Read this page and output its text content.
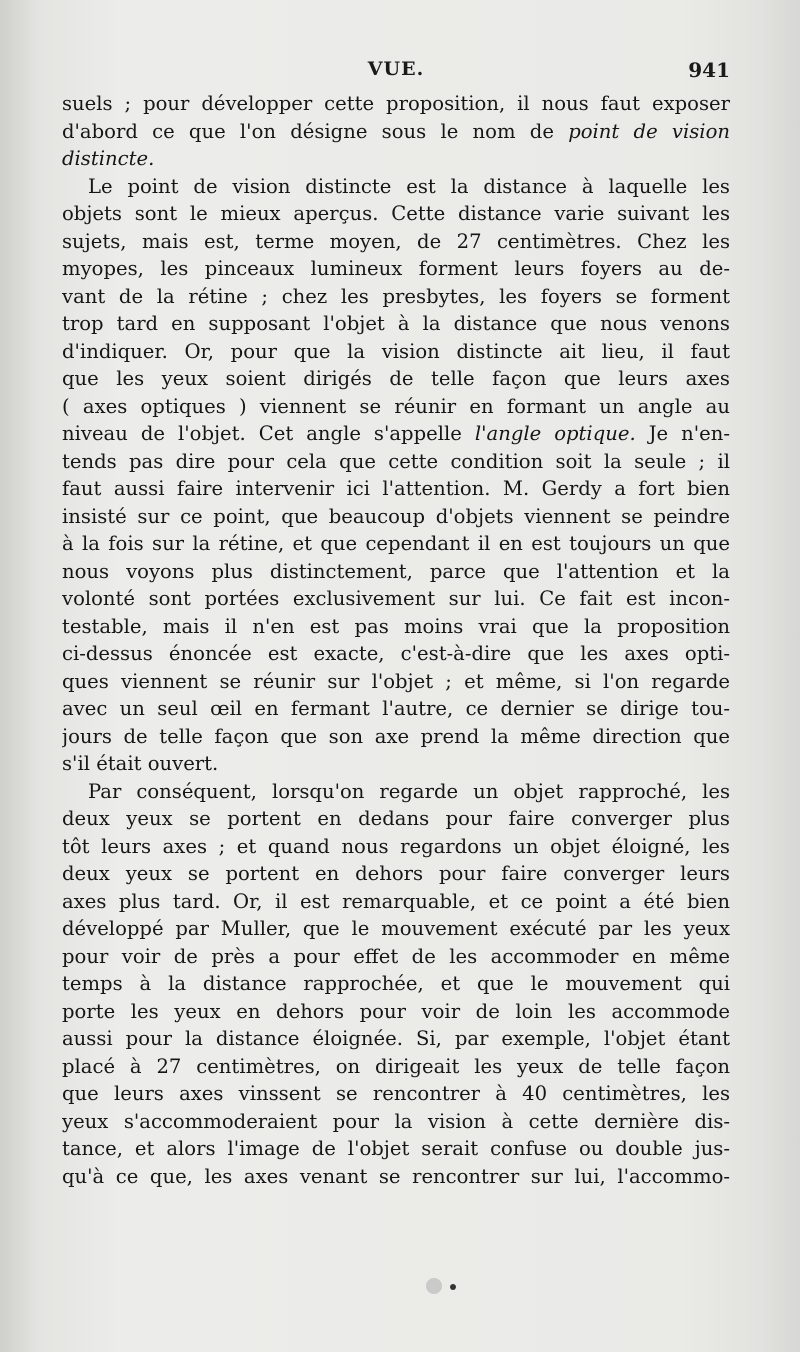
VUE.	941
suels ; pour développer cette proposition, il nous faut exposer
d'abord ce que l'on désigne sous le nom de point de vision
distincte.
Le point de vision distincte est la distance à laquelle les
objets sont le mieux aperçus. Cette distance varie suivant les
sujets, mais est, terme moyen, de 27 centimètres. Chez les
myopes, les pinceaux lumineux forment leurs foyers au de-
vant de la rétine ; chez les presbytes, les foyers se forment
trop tard en supposant l'objet à la distance que nous venons
d'indiquer. Or, pour que la vision distincte ait lieu, il faut
que les yeux soient dirigés de telle façon que leurs axes
( axes optiques ) viennent se réunir en formant un angle au
niveau de l'objet. Cet angle s'appelle l'angle optique. Je n'en-
tends pas dire pour cela que cette condition soit la seule ; il
faut aussi faire intervenir ici l'attention. M. Gerdy a fort bien
insisté sur ce point, que beaucoup d'objets viennent se peindre
à la fois sur la rétine, et que cependant il en est toujours un que
nous voyons plus distinctement, parce que l'attention et la
volonté sont portées exclusivement sur lui. Ce fait est incon-
testable, mais il n'en est pas moins vrai que la proposition
ci-dessus énoncée est exacte, c'est-à-dire que les axes opti-
ques viennent se réunir sur l'objet ; et même, si l'on regarde
avec un seul œil en fermant l'autre, ce dernier se dirige tou-
jours de telle façon que son axe prend la même direction que
s'il était ouvert.
Par conséquent, lorsqu'on regarde un objet rapproché, les
deux yeux se portent en dedans pour faire converger plus
tôt leurs axes ; et quand nous regardons un objet éloigné, les
deux yeux se portent en dehors pour faire converger leurs
axes plus tard. Or, il est remarquable, et ce point a été bien
développé par Muller, que le mouvement exécuté par les yeux
pour voir de près a pour effet de les accommoder en même
temps à la distance rapprochée, et que le mouvement qui
porte les yeux en dehors pour voir de loin les accommode
aussi pour la distance éloignée. Si, par exemple, l'objet étant
placé à 27 centimètres, on dirigeait les yeux de telle façon
que leurs axes vinssent se rencontrer à 40 centimètres, les
yeux s'accommoderaient pour la vision à cette dernière dis-
tance, et alors l'image de l'objet serait confuse ou double jus-
qu'à ce que, les axes venant se rencontrer sur lui, l'accommo-
